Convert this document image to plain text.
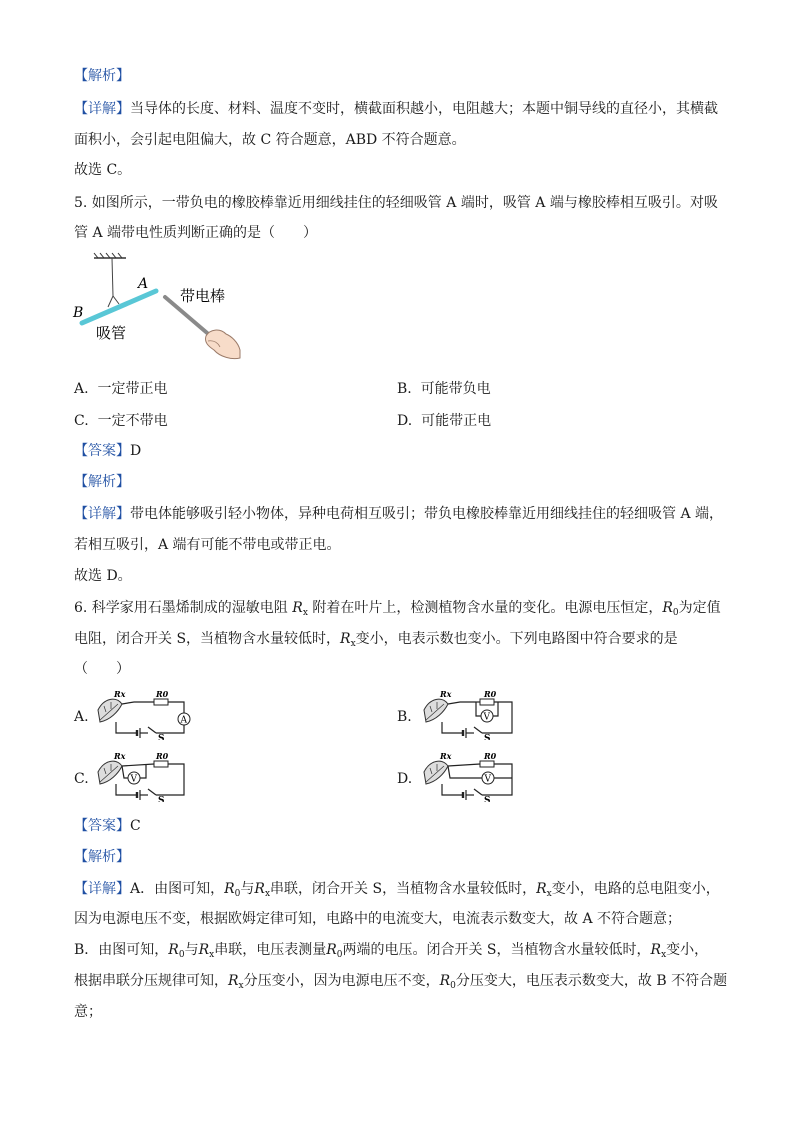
【解析】
【详解】当导体的长度、材料、温度不变时，横截面积越小，电阻越大；本题中铜导线的直径小，其横截
面积小，会引起电阻偏大，故 C 符合题意，ABD 不符合题意。
故选 C。
5. 如图所示，一带负电的橡胶棒靠近用细线挂住的轻细吸管 A 端时，吸管 A 端与橡胶棒相互吸引。对吸
管 A 端带电性质判断正确的是（　　）
A
B
吸管
带电棒
A. 一定带正电	B. 可能带负电
C. 一定不带电	D. 可能带正电
【答案】D
【解析】
【详解】带电体能够吸引轻小物体，异种电荷相互吸引；带负电橡胶棒靠近用细线挂住的轻细吸管 A 端，
若相互吸引，A 端有可能不带电或带正电。
故选 D。
6. 科学家用石墨烯制成的湿敏电阻 $R_x$ 附着在叶片上，检测植物含水量的变化。电源电压恒定，$R_0$为定值
电阻，闭合开关 S，当植物含水量较低时，$R_x$变小，电表示数也变小。下列电路图中符合要求的是
（　　）
A.
Rx	R0
A
S
B.
Rx	R0
V
S
C.
Rx	R0
V
S
D.
Rx	R0
V
S
【答案】C
【解析】
【详解】A．由图可知，$R_0$与$R_x$串联，闭合开关 S，当植物含水量较低时，$R_x$变小，电路的总电阻变小，
因为电源电压不变，根据欧姆定律可知，电路中的电流变大，电流表示数变大，故 A 不符合题意；
B．由图可知，$R_0$与$R_x$串联，电压表测量$R_0$两端的电压。闭合开关 S，当植物含水量较低时，$R_x$变小，
根据串联分压规律可知，$R_x$分压变小，因为电源电压不变，$R_0$分压变大，电压表示数变大，故 B 不符合题
意；
